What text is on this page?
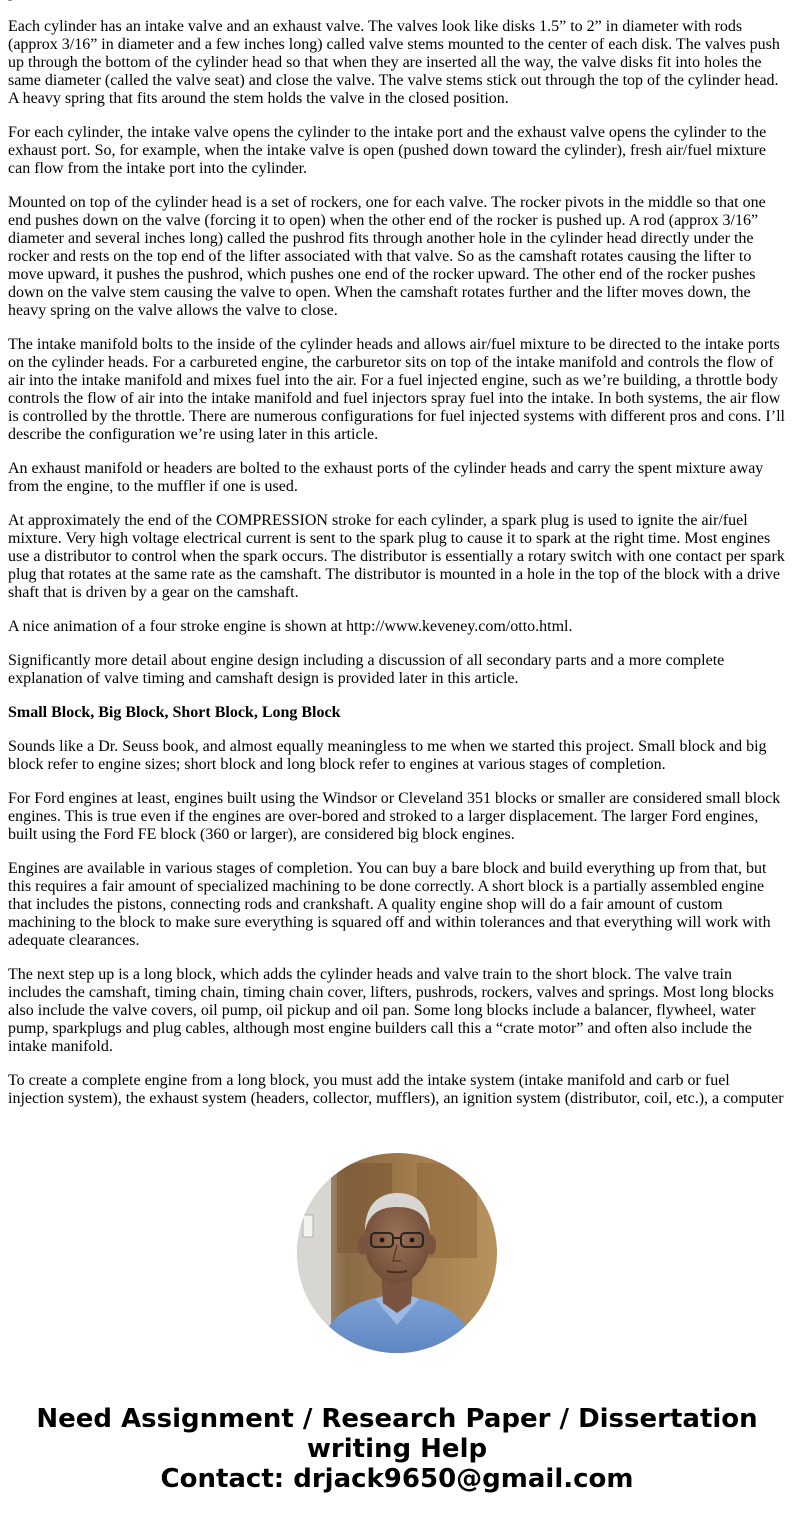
Each cylinder has an intake valve and an exhaust valve. The valves look like disks 1.5” to 2” in diameter with rods (approx 3/16” in diameter and a few inches long) called valve stems mounted to the center of each disk. The valves push up through the bottom of the cylinder head so that when they are inserted all the way, the valve disks fit into holes the same diameter (called the valve seat) and close the valve. The valve stems stick out through the top of the cylinder head. A heavy spring that fits around the stem holds the valve in the closed position.

For each cylinder, the intake valve opens the cylinder to the intake port and the exhaust valve opens the cylinder to the exhaust port. So, for example, when the intake valve is open (pushed down toward the cylinder), fresh air/fuel mixture can flow from the intake port into the cylinder.

Mounted on top of the cylinder head is a set of rockers, one for each valve. The rocker pivots in the middle so that one end pushes down on the valve (forcing it to open) when the other end of the rocker is pushed up. A rod (approx 3/16” diameter and several inches long) called the pushrod fits through another hole in the cylinder head directly under the rocker and rests on the top end of the lifter associated with that valve. So as the camshaft rotates causing the lifter to move upward, it pushes the pushrod, which pushes one end of the rocker upward. The other end of the rocker pushes down on the valve stem causing the valve to open. When the camshaft rotates further and the lifter moves down, the heavy spring on the valve allows the valve to close.

The intake manifold bolts to the inside of the cylinder heads and allows air/fuel mixture to be directed to the intake ports on the cylinder heads. For a carbureted engine, the carburetor sits on top of the intake manifold and controls the flow of air into the intake manifold and mixes fuel into the air. For a fuel injected engine, such as we’re building, a throttle body controls the flow of air into the intake manifold and fuel injectors spray fuel into the intake. In both systems, the air flow is controlled by the throttle. There are numerous configurations for fuel injected systems with different pros and cons. I’ll describe the configuration we’re using later in this article.

An exhaust manifold or headers are bolted to the exhaust ports of the cylinder heads and carry the spent mixture away from the engine, to the muffler if one is used.

At approximately the end of the COMPRESSION stroke for each cylinder, a spark plug is used to ignite the air/fuel mixture. Very high voltage electrical current is sent to the spark plug to cause it to spark at the right time. Most engines use a distributor to control when the spark occurs. The distributor is essentially a rotary switch with one contact per spark plug that rotates at the same rate as the camshaft. The distributor is mounted in a hole in the top of the block with a drive shaft that is driven by a gear on the camshaft.

A nice animation of a four stroke engine is shown at http://www.keveney.com/otto.html.

Significantly more detail about engine design including a discussion of all secondary parts and a more complete explanation of valve timing and camshaft design is provided later in this article.

Small Block, Big Block, Short Block, Long Block

Sounds like a Dr. Seuss book, and almost equally meaningless to me when we started this project. Small block and big block refer to engine sizes; short block and long block refer to engines at various stages of completion.

For Ford engines at least, engines built using the Windsor or Cleveland 351 blocks or smaller are considered small block engines. This is true even if the engines are over-bored and stroked to a larger displacement. The larger Ford engines, built using the Ford FE block (360 or larger), are considered big block engines.

Engines are available in various stages of completion. You can buy a bare block and build everything up from that, but this requires a fair amount of specialized machining to be done correctly. A short block is a partially assembled engine that includes the pistons, connecting rods and crankshaft. A quality engine shop will do a fair amount of custom machining to the block to make sure everything is squared off and within tolerances and that everything will work with adequate clearances.

The next step up is a long block, which adds the cylinder heads and valve train to the short block. The valve train includes the camshaft, timing chain, timing chain cover, lifters, pushrods, rockers, valves and springs. Most long blocks also include the valve covers, oil pump, oil pickup and oil pan. Some long blocks include a balancer, flywheel, water pump, sparkplugs and plug cables, although most engine builders call this a “crate motor” and often also include the intake manifold.

To create a complete engine from a long block, you must add the intake system (intake manifold and carb or fuel injection system), the exhaust system (headers, collector, mufflers), an ignition system (distributor, coil, etc.), a computer

Need Assignment / Research Paper / Dissertation
writing Help
Contact: drjack9650@gmail.com
